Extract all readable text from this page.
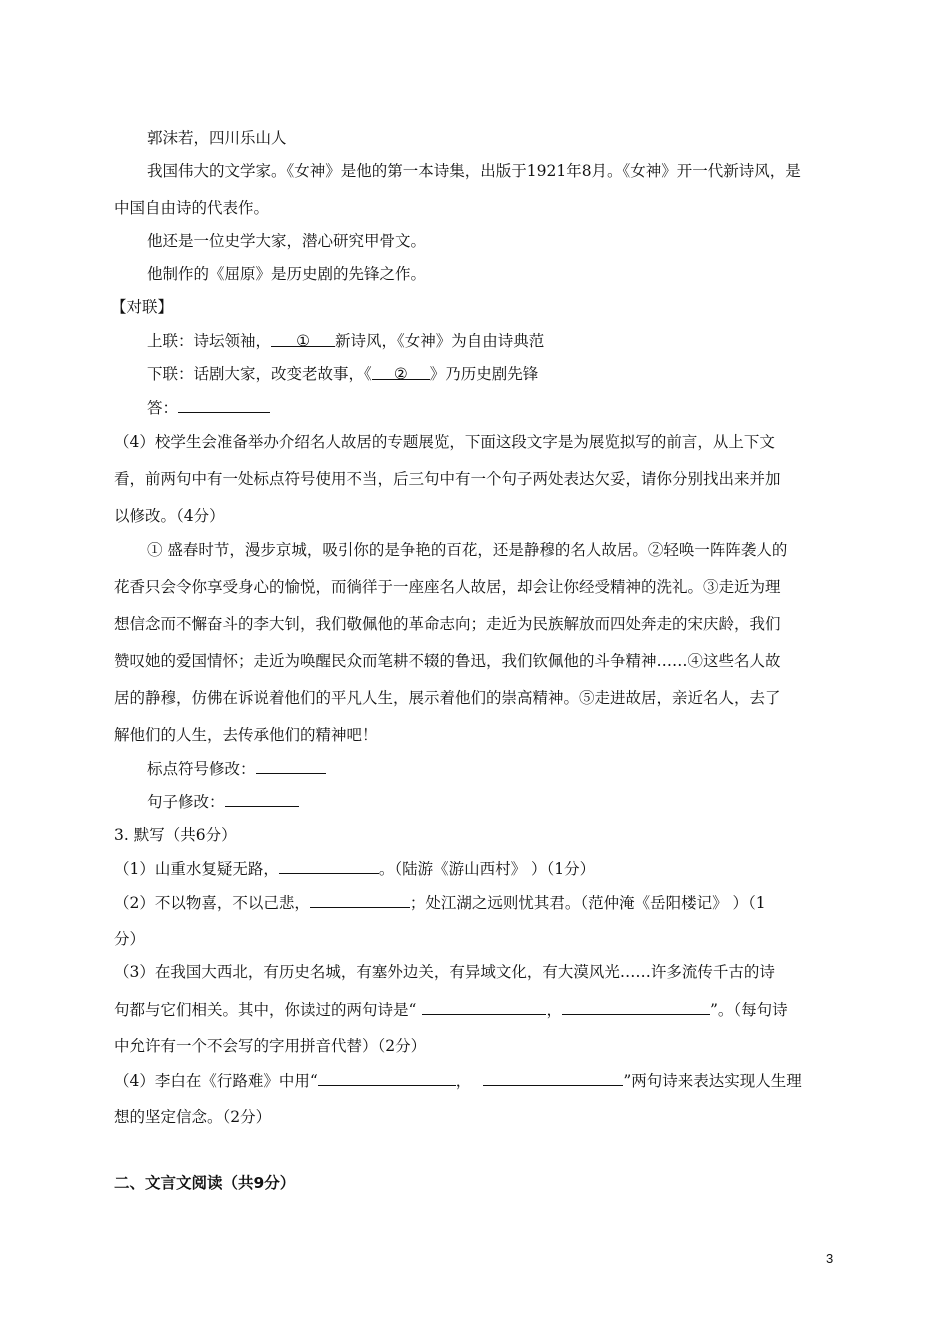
郭沫若，四川乐山人
我国伟大的文学家。《女神》是他的第一本诗集，出版于1921年8月。《女神》开一代新诗风，是
中国自由诗的代表作。
他还是一位史学大家，潜心研究甲骨文。
他制作的《屈原》是历史剧的先锋之作。
【对联】
上联：诗坛领袖， ① 新诗风，《女神》为自由诗典范
下联：话剧大家，改变老故事，《 ② 》乃历史剧先锋
答：
（4）校学生会准备举办介绍名人故居的专题展览，下面这段文字是为展览拟写的前言，从上下文
看，前两句中有一处标点符号使用不当，后三句中有一个句子两处表达欠妥，请你分别找出来并加
以修改。（4分）
① 盛春时节，漫步京城，吸引你的是争艳的百花，还是静穆的名人故居。②轻唤一阵阵袭人的
花香只会令你享受身心的愉悦，而徜徉于一座座名人故居，却会让你经受精神的洗礼。③走近为理
想信念而不懈奋斗的李大钊，我们敬佩他的革命志向；走近为民族解放而四处奔走的宋庆龄，我们
赞叹她的爱国情怀；走近为唤醒民众而笔耕不辍的鲁迅，我们钦佩他的斗争精神……④这些名人故
居的静穆，仿佛在诉说着他们的平凡人生，展示着他们的崇高精神。⑤走进故居，亲近名人，去了
解他们的人生，去传承他们的精神吧！
标点符号修改：
句子修改：
3. 默写（共6分）
（1）山重水复疑无路，	。（陆游《游山西村》 ）（1分）
（2）不以物喜，不以己悲，	；处江湖之远则忧其君。（范仲淹《岳阳楼记》 ）（1
分）
（3）在我国大西北，有历史名城，有塞外边关，有异域文化，有大漠风光……许多流传千古的诗
句都与它们相关。其中，你读过的两句诗是“	，	”。（每句诗
中允许有一个不会写的字用拼音代替）（2分）
（4）李白在《行路难》中用“	，	”两句诗来表达实现人生理
想的坚定信念。（2分）
二、文言文阅读（共9分）
3
